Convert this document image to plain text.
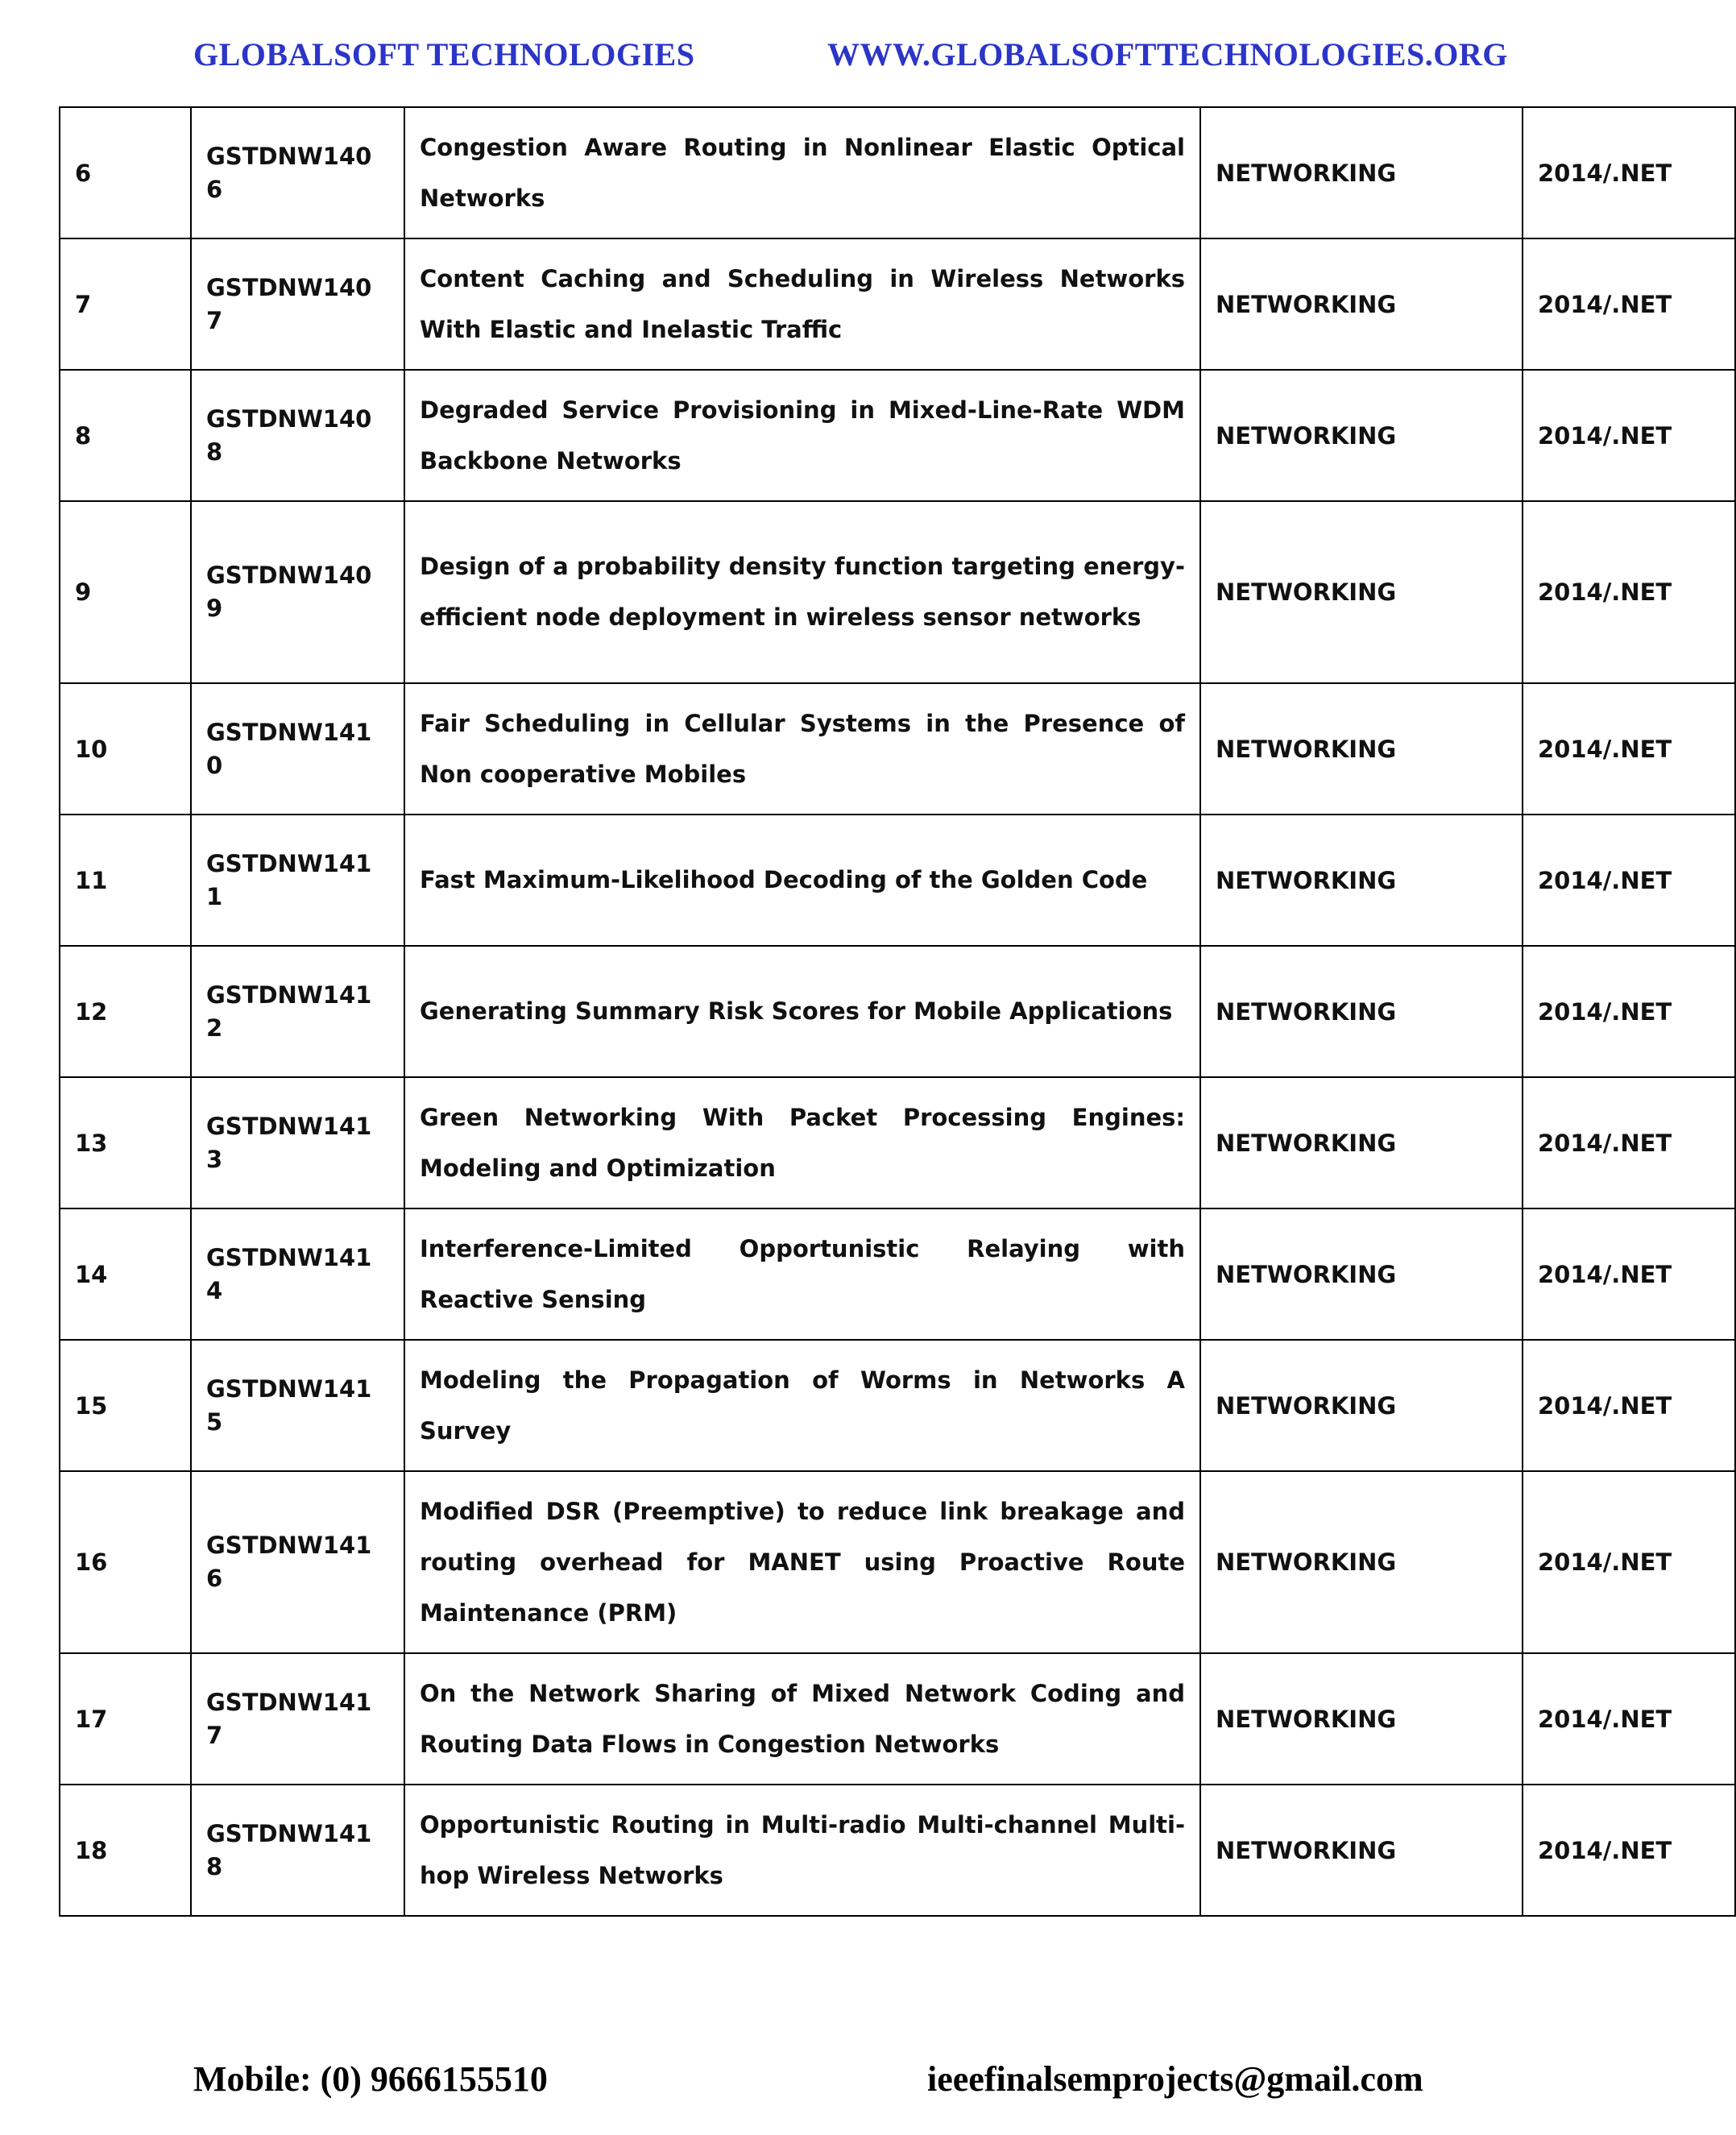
GLOBALSOFT TECHNOLOGIES	WWW.GLOBALSOFTTECHNOLOGIES.ORG
6	GSTDNW140 6	Congestion Aware Routing in Nonlinear Elastic Optical Networks	NETWORKING	2014/.NET
7	GSTDNW140 7	Content Caching and Scheduling in Wireless Networks With Elastic and Inelastic Traffic	NETWORKING	2014/.NET
8	GSTDNW140 8	Degraded Service Provisioning in Mixed-Line-Rate WDM Backbone Networks	NETWORKING	2014/.NET
9	GSTDNW140 9	Design of a probability density function targeting energy-efficient node deployment in wireless sensor networks	NETWORKING	2014/.NET
10	GSTDNW141 0	Fair Scheduling in Cellular Systems in the Presence of Non cooperative Mobiles	NETWORKING	2014/.NET
11	GSTDNW141 1	Fast Maximum-Likelihood Decoding of the Golden Code	NETWORKING	2014/.NET
12	GSTDNW141 2	Generating Summary Risk Scores for Mobile Applications	NETWORKING	2014/.NET
13	GSTDNW141 3	Green Networking With Packet Processing Engines: Modeling and Optimization	NETWORKING	2014/.NET
14	GSTDNW141 4	Interference-Limited Opportunistic Relaying with Reactive Sensing	NETWORKING	2014/.NET
15	GSTDNW141 5	Modeling the Propagation of Worms in Networks A Survey	NETWORKING	2014/.NET
16	GSTDNW141 6	Modified DSR (Preemptive) to reduce link breakage and routing overhead for MANET using Proactive Route Maintenance (PRM)	NETWORKING	2014/.NET
17	GSTDNW141 7	On the Network Sharing of Mixed Network Coding and Routing Data Flows in Congestion Networks	NETWORKING	2014/.NET
18	GSTDNW141 8	Opportunistic Routing in Multi-radio Multi-channel Multi-hop Wireless Networks	NETWORKING	2014/.NET
Mobile: (0) 9666155510	ieeefinalsemprojects@gmail.com
